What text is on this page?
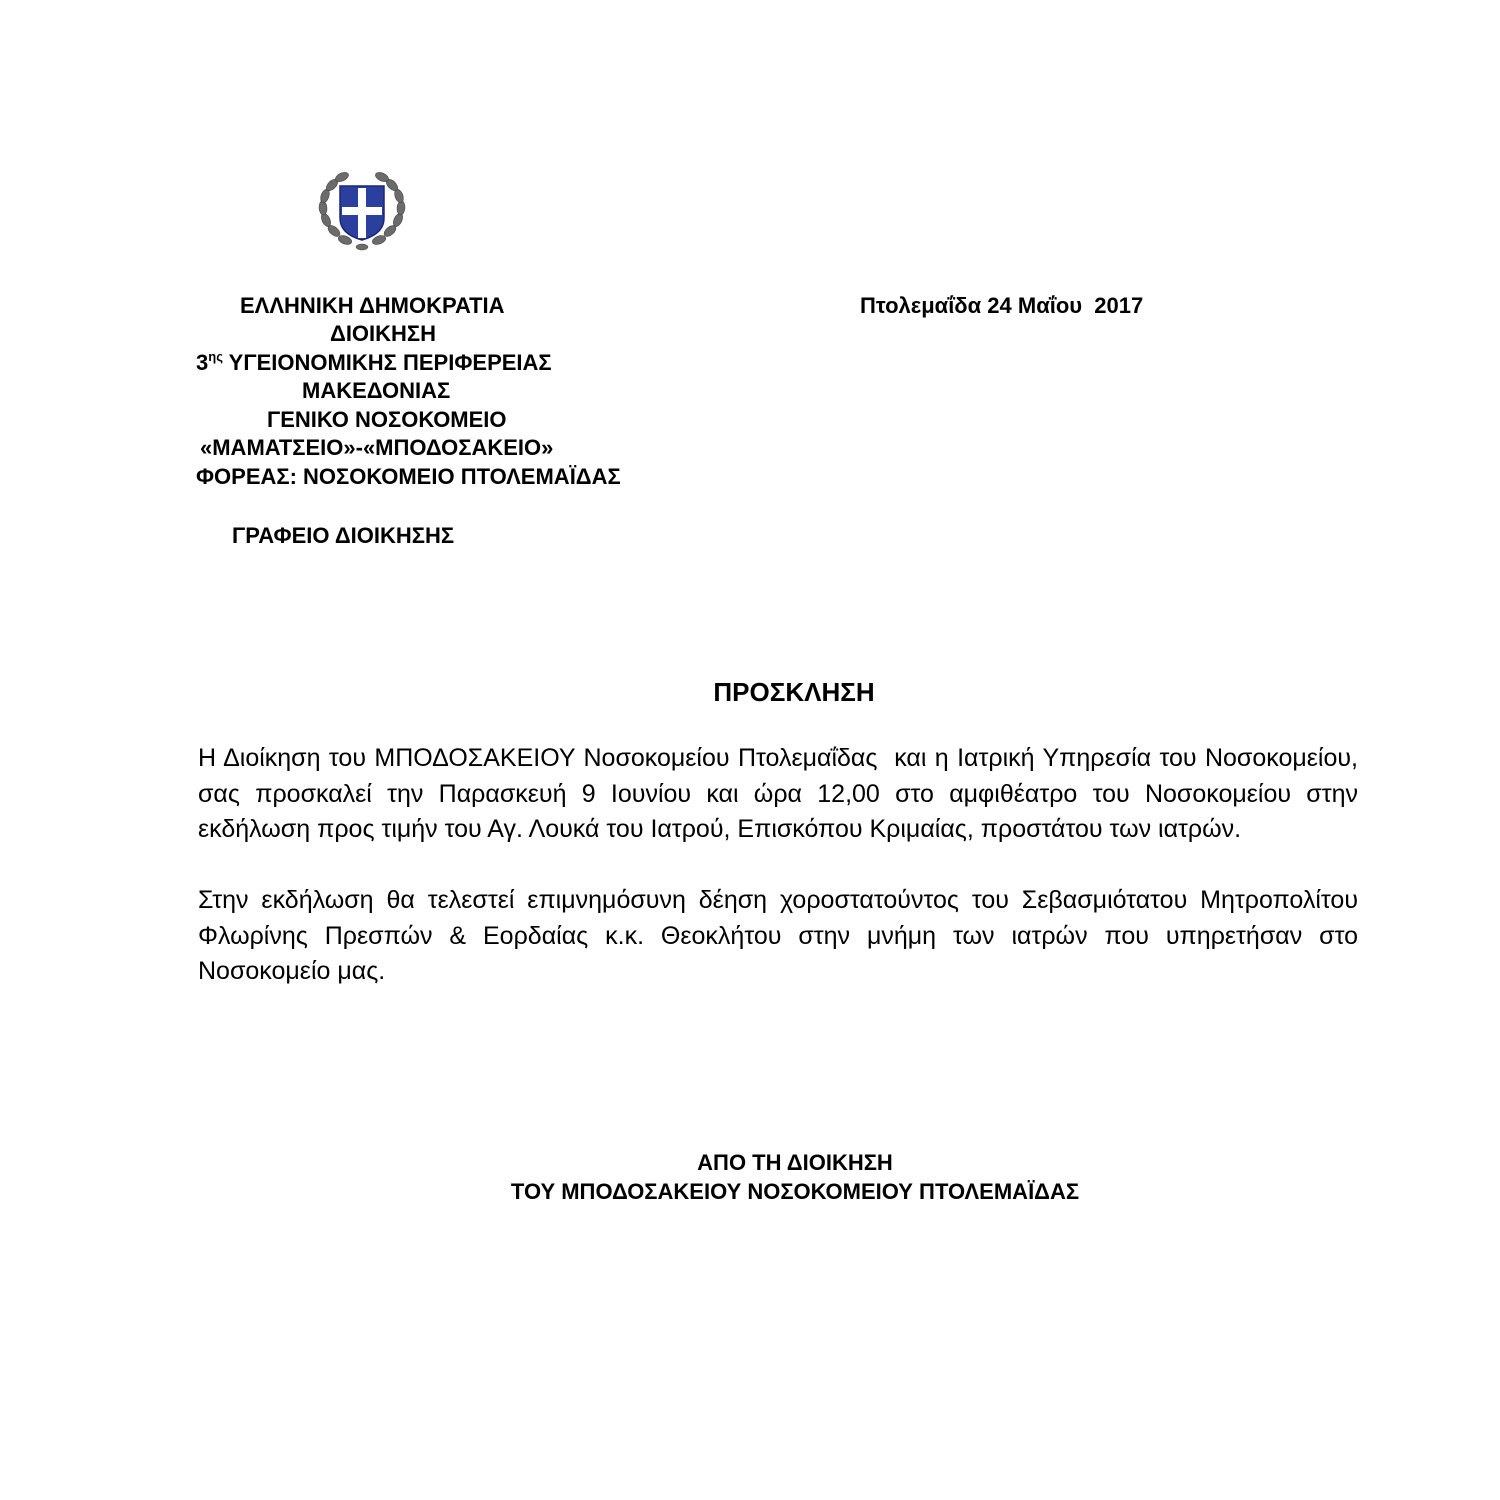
ΕΛΛΗΝΙΚΗ ΔΗΜΟΚΡΑΤΙΑ
ΔΙΟΙΚΗΣΗ
$3^{\eta\varsigma}$ ΥΓΕΙΟΝΟΜΙΚΗΣ ΠΕΡΙΦΕΡΕΙΑΣ
ΜΑΚΕΔΟΝΙΑΣ
ΓΕΝΙΚΟ ΝΟΣΟΚΟΜΕΙΟ
«ΜΑΜΑΤΣΕΙΟ»-«ΜΠΟΔΟΣΑΚΕΙΟ»
ΦΟΡΕΑΣ: ΝΟΣΟΚΟΜΕΙΟ ΠΤΟΛΕΜΑΪΔΑΣ
ΓΡΑΦΕΙΟ ΔΙΟΙΚΗΣΗΣ
Πτολεμαΐδα 24 Μαΐου  2017
ΠΡΟΣΚΛΗΣΗ
Η Διοίκηση του ΜΠΟΔΟΣΑΚΕΙΟΥ Νοσοκομείου Πτολεμαΐδας  και η Ιατρική Υπηρεσία του Νοσοκομείου, σας προσκαλεί την Παρασκευή 9 Ιουνίου και ώρα 12,00 στο αμφιθέατρο του Νοσοκομείου στην  εκδήλωση προς τιμήν του Αγ. Λουκά του Ιατρού, Επισκόπου Κριμαίας, προστάτου των ιατρών.
Στην εκδήλωση θα τελεστεί επιμνημόσυνη δέηση χοροστατούντος του Σεβασμιότατου Μητροπολίτου Φλωρίνης Πρεσπών & Εορδαίας κ.κ. Θεοκλήτου στην μνήμη των ιατρών που υπηρετήσαν στο Νοσοκομείο μας.
ΑΠΟ ΤΗ ΔΙΟΙΚΗΣΗ
ΤΟΥ ΜΠΟΔΟΣΑΚΕΙΟΥ ΝΟΣΟΚΟΜΕΙΟΥ ΠΤΟΛΕΜΑΪΔΑΣ
